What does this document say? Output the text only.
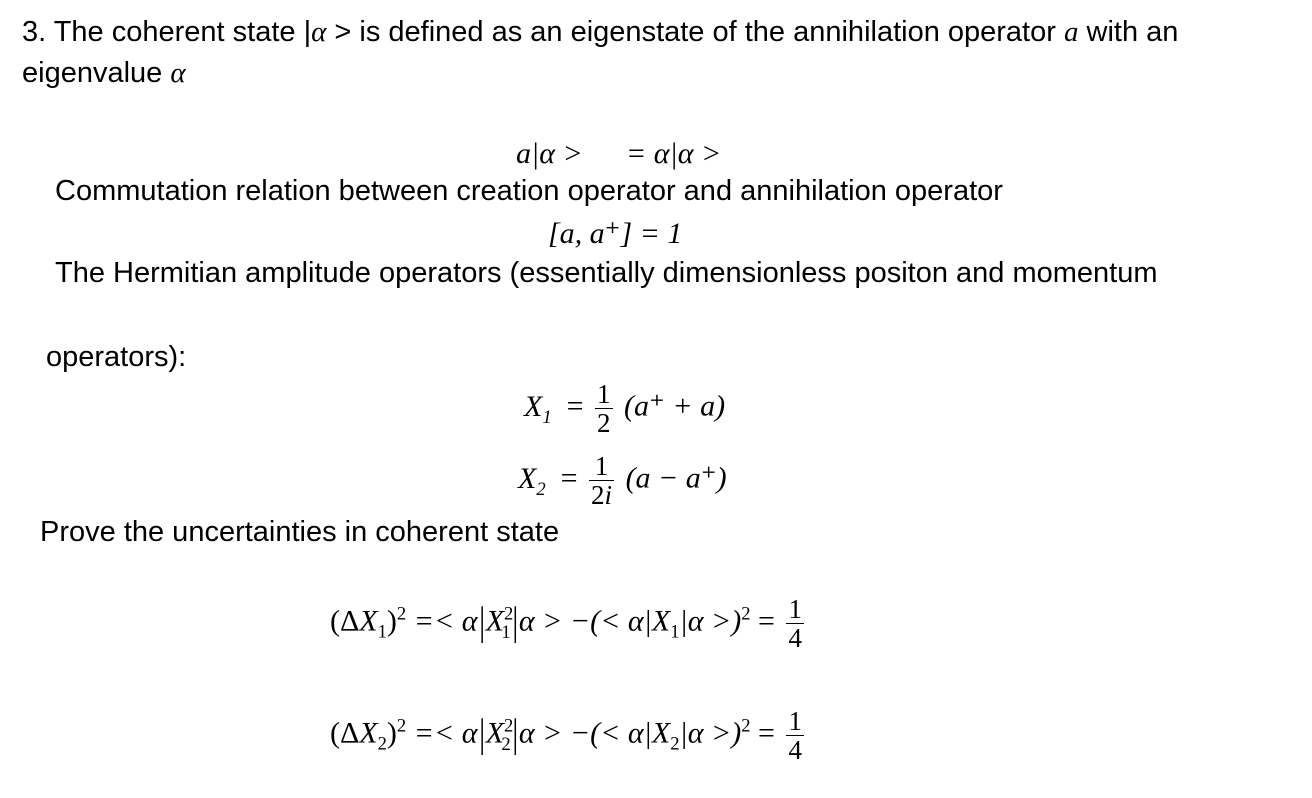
3. The coherent state |α > is defined as an eigenstate of the annihilation operator a with an
eigenvalue α
a|α > = α|α >
Commutation relation between creation operator and annihilation operator
[a, a⁺] = 1
The Hermitian amplitude operators (essentially dimensionless positon and momentum
operators):
$X_1 = \frac{1}{2} (a^+ + a)$
$X_2 = \frac{1}{2i} (a - a^+)$
Prove the uncertainties in coherent state
$(\Delta X_1)^2 =< \alpha|X^2_1|\alpha$ > −(< $\alpha|X_1|\alpha >)^2 = \frac{1}{4}$
$(\Delta X_2)^2 =< \alpha|X^2_2|\alpha$ > −(< $\alpha|X_2|\alpha >)^2 = \frac{1}{4}$
